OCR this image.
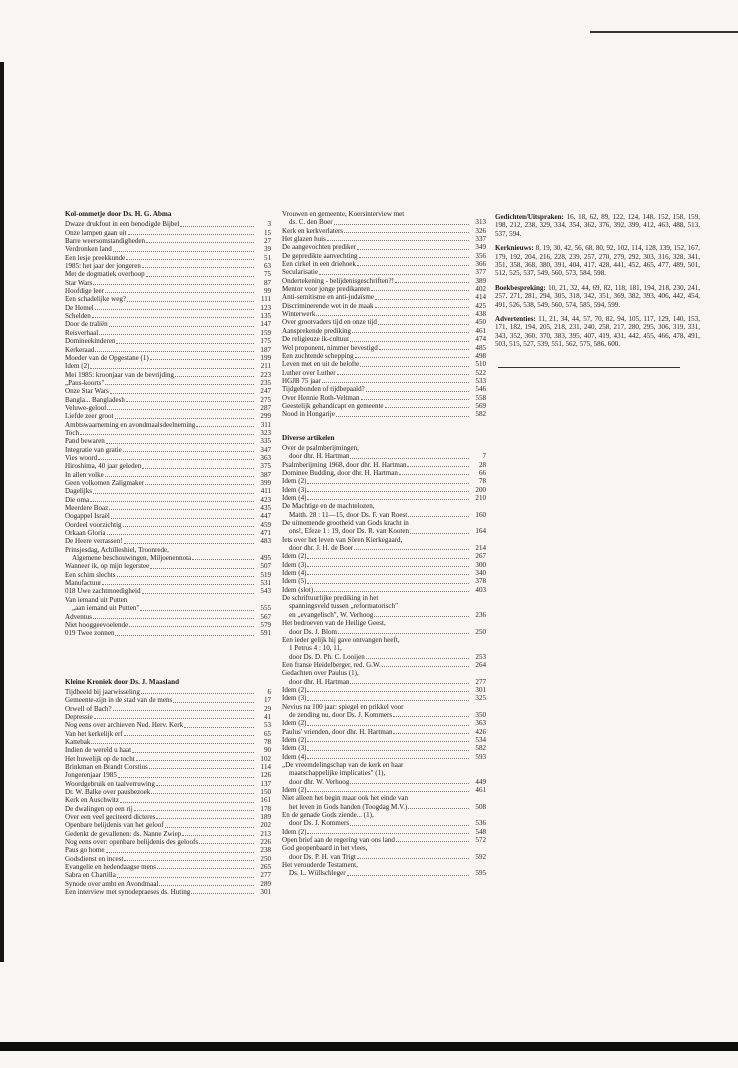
Kol-ommetje door Ds. H. G. Abma
Dwaze drukfout in een benodigde Bijbel	3
Onze lampen gaan uit	15
Barre weersomstandigheden	27
Verdronken land	39
Een lesje preekkunde	51
1985: het jaar der jongeren	63
Met de dogmatiek overhoop	75
Star Wars	87
Hoofdige leer	99
Een schadelijke weg?	111
De Hemel	123
Schelden	135
Door de traliën	147
Reisverhaal	159
Domineekinderen	175
Kerkeraad	187
Moeder van de Opgestane (1)	199
Idem (2)	211
Mei 1985: kroonjaar van de bevrijding	223
„Paus-koorts"	235
Onze Star Wars	247
Bangla... Bangladesh	275
Veluwe-geloof	287
Liefde zeer groot	299
Ambtswaarneming en avondmaalsdeelneming	311
Toch	323
Pand bewaren	335
Integratie van gratie	347
Vies woord	363
Hiroshima, 40 jaar geleden	375
In allen volke	387
Geen volkomen Zaligmaker	399
Dagelijks	411
Die oma	423
Meerdere Boaz	435
Oogappel Israël	447
Oordeel voorzichtig	459
Orkaan Gloria	471
De Heere verrassen!	483
Prinsjesdag, Achilleshiel, Troonrede,
Algemene beschouwingen, Miljoenennota	495
Wanneer ik, op mijn legerstee	507
Een schim slechts	519
Manufactuur	531
018 Uwe zachtmoedigheid	543
Van iemand uit Putten
„aan iemand uit Putten"	555
Adventus	567
Niet hooggeevoelende	579
019 Twee zonnen	591
Kleine Kroniek door Ds. J. Maasland
Tijdbeeld bij jaarwisseling	6
Gemeente-zijn in de stad van de mens	17
Orwell of Bach?	29
Depressie	41
Nog eens over archieven Ned. Herv. Kerk	53
Van het kerkelijk erf	65
Kattebak	78
Indien de wereld u haat	90
Het huwelijk op de tocht	102
Brinkman en Brandt Corstius	114
Jongerenjaar 1985	126
Woordgebruik en taalverruwing	137
Dr. W. Balke over pausbezoek	150
Kerk en Auschwitz	161
De dwalingen op een rij	178
Over een veel geciteerd dicteres	189
Openbare belijdenis van het geloof	202
Gedenkt de gevallenen: ds. Nanne Zwiep	213
Nog eens over: openbare belijdenis des geloofs	226
Paus go home	238
Godsdienst en incest	250
Evangelie en hedendaagse mens	265
Sabra en Chartilla	277
Synode over ambt en Avondmaal	289
Een interview met synodepraeses ds. Huting	301
Vrouwen en gemeente, Koersinterview met
ds. C. den Boer	313
Kerk en kerkverlaters	326
Het glazen huis	337
De aangevochten prediker	349
De gepredikte aanvechting	356
Een cirkel in een driehoek	366
Secularisatie	377
Ondertekening - belijdenisgeschriften?!	389
Mentor voor jonge predikanten	402
Anti-semitisme en anti-judaïsme	414
Discriminerende wet in de maak	425
Winterwerk	438
Over grootvaders tijd en onze tijd	450
Aansprekende prediking	461
De religieuze ik-cultuur	474
Wel proponent, nimmer bevestigd	485
Een zuchtende schepping	498
Leven met en uit de belofte	510
Luther over Luther	522
HGJB 75 jaar	533
Tijdgebonden of tijdbepaald?	546
Over Hennie Roth-Veltman	558
Geestelijk gehandicapt en gemeente	569
Nood in Hongarije	582
Diverse artikelen
Over de psalmberijmingen,
door dhr. H. Hartman	7
Psalmberijming 1968, door dhr. H. Hartman	28
Dominee Budding, door dhr. H. Hartman	66
Idem (2)	78
Idem (3)	200
Idem (4)	210
De Machtige en de machtelozen,
Matth. 28 : 11—15, door Ds. F. van Roest	160
De uitnemende grootheid van Gods kracht in
ons!, Efeze 1 : 19, door Ds. R. van Kooten	164
Iets over het leven van Sören Kierkegaard,
door dhr. J. H. de Boer	214
Idem (2)	267
Idem (3)	300
Idem (4)	340
Idem (5)	378
Idem (slot)	403
De schriftuurlijke prediking in het
spanningsveld tussen „reformatorisch"
en „evangelisch", W. Verhoog	236
Het bedroeven van de Heilige Geest,
door Ds. J. Blom	250
Een ieder gelijk hij gave ontvangen heeft,
1 Petrus 4 : 10, 11,
door Ds. D. Ph. C. Looijen	253
Een franse Heidelberger, red. G.W.	264
Gedachten over Paulus (1),
door dhr. H. Hartman	277
Idem (2)	301
Idem (3)	325
Nevius na 100 jaar: spiegel en prikkel voor
de zending nu, door Ds. J. Kommers	350
Idem (2)	363
Paulus' vrienden, door dhr. H. Hartman	426
Idem (2)	534
Idem (3)	582
Idem (4)	593
„De vreemdelingschap van de kerk en haar
maatschappelijke implicaties" (1),
door dhr. W. Verhoog	449
Idem (2)	461
Niet alleen het begin maar ook het einde van
het leven in Gods handen (Toogdag M.V.)	508
En de genade Gods ziende... (1),
door Ds. J. Kommers	536
Idem (2)	548
Open brief aan de regering van ons land	572
God geopenbaard in het vlees,
door Ds. P. H. van Trigt	592
Het verouderde Testament,
Ds. L. Wüllschleger	595

Gedichten/Uitspraken: 16, 18, 62, 89, 122, 124, 148, 152, 158, 159, 198, 212, 238, 329, 334, 354, 362, 376, 392, 399, 412, 463, 488, 513, 537, 594.

Kerknieuws: 8, 19, 30, 42, 56, 68, 80, 92, 102, 114, 128, 139, 152, 167, 179, 192, 204, 216, 228, 239, 257, 270, 279, 292, 303, 316, 328, 341, 351, 358, 368, 380, 391, 404, 417, 428, 441, 452, 465, 477, 489, 501, 512, 525, 537, 549, 560, 573, 584, 598.

Boekbespreking: 10, 21, 32, 44, 69, 82, 118, 181, 194, 218, 230, 241, 257, 271, 281, 294, 305, 318, 342, 351, 369, 382, 393, 406, 442, 454, 491, 526, 538, 549, 560, 574, 585, 594, 599.

Advertenties: 11, 21, 34, 44, 57, 70, 82, 94, 105, 117, 129, 140, 153, 171, 182, 194, 205, 218, 231, 240, 258, 217, 280, 295, 306, 319, 331, 343, 352, 360, 370, 383, 395, 407, 419, 431, 442, 455, 466, 478, 491, 503, 515, 527, 539, 551, 562, 575, 586, 600.
